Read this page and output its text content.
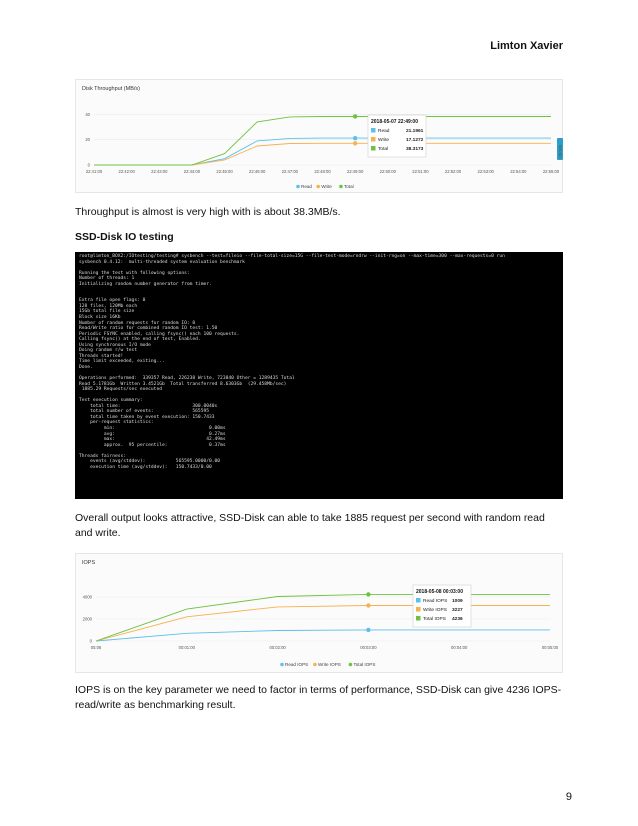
Limton Xavier
Disk Throughput (MB/s)
0
20
40
22:41:00	22:42:00	22:43:00	22:44:00	22:45:00	22:46:00	22:47:00	22:48:00	22:49:00	22:50:00	22:51:00	22:52:00	22:53:00	22:54:00	22:55:00
Read Write	Total
2018-05-07 22:49:00
Read	21.1961
Write	17.1272
Total	38.3173	Update
Throughput is almost is very high with is about 38.3MB/s.
SSD-Disk IO testing
root@limton_BOX2:/IOtesting/testing# sysbench --test=fileio --file-total-size=15G --file-test-mode=rndrw --init-rng=on --max-time=300 --max-requests=0 run
sysbench 0.4.12:  multi-threaded system evaluation benchmark
Running the test with following options:
Number of threads: 1
Initializing random number generator from timer.
Extra file open flags: 0
128 files, 120Mb each
15Gb total file size
Block size 16Kb
Number of random requests for random IO: 0
Read/Write ratio for combined random IO test: 1.50
Periodic FSYNC enabled, calling fsync() each 100 requests.
Calling fsync() at the end of test, Enabled.
Using synchronous I/O mode
Doing random r/w test
Threads started!
Time limit exceeded, exiting...
Done.
Operations performed:  339357 Read, 226238 Write, 723840 Other = 1289435 Total
Read 5.1781Gb  Written 3.4521Gb  Total transferred 8.6303Gb  (29.458Mb/sec)
1885.29 Requests/sec executed
Test execution summary:
total time:                          300.0040s
total number of events:              565595
total time taken by event execution: 150.7433
per-request statistics:
min:                                  0.00ms
avg:                                  0.27ms
max:                                 42.49ms
approx.  95 percentile:               0.37ms
Threads fairness:
events (avg/stddev):           565595.0000/0.00
execution time (avg/stddev):   150.7433/0.00
Overall output looks attractive, SSD-Disk can able to take 1885 request per second with random read and write.
IOPS
0
2000
4000
05:06	00:01:00	00:02:00	00:03:00	00:04:00	00:05:00
Read IOPS Write IOPS	Total IOPS
2018-05-08 00:03:00
Read IOPS 1009
Write IOPS 3227
Total IOPS 4236
IOPS is on the key parameter we need to factor in terms of performance, SSD-Disk can give 4236 IOPS-read/write as benchmarking result.
9
